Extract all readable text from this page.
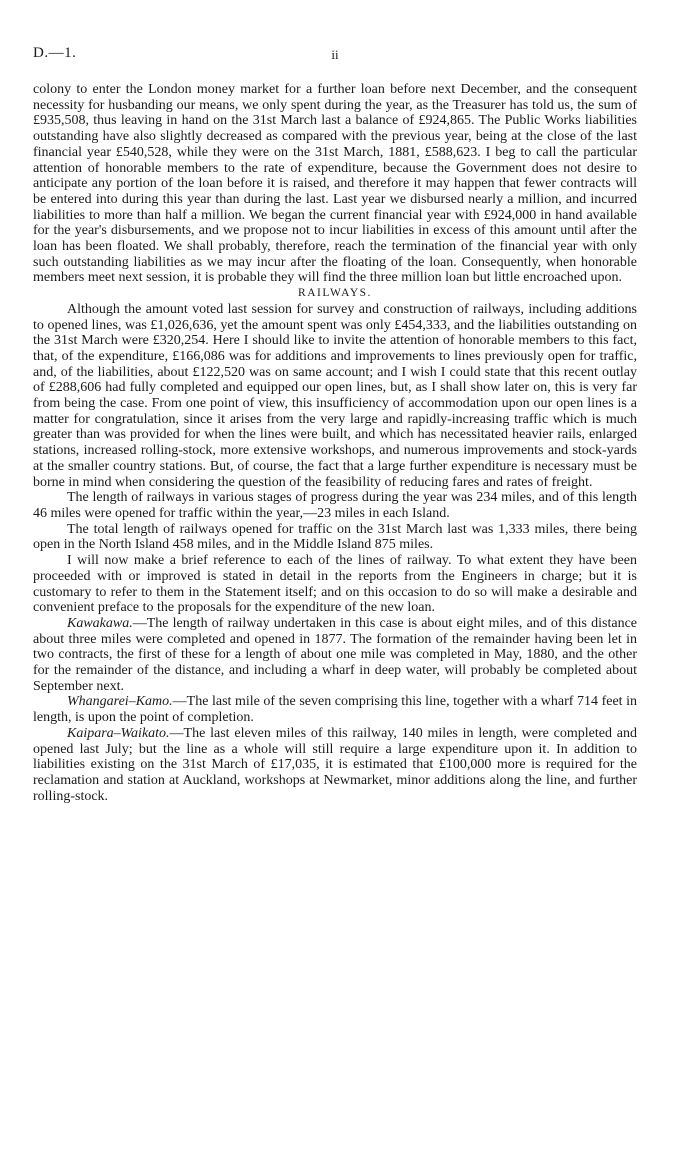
D.—1.	ii

colony to enter the London money market for a further loan before next December, and the consequent necessity for husbanding our means, we only spent during the year, as the Treasurer has told us, the sum of £935,508, thus leaving in hand on the 31st March last a balance of £924,865. The Public Works liabilities outstanding have also slightly decreased as compared with the previous year, being at the close of the last financial year £540,528, while they were on the 31st March, 1881, £588,623. I beg to call the particular attention of honorable members to the rate of expenditure, because the Government does not desire to anticipate any portion of the loan before it is raised, and therefore it may happen that fewer contracts will be entered into during this year than during the last. Last year we disbursed nearly a million, and incurred liabilities to more than half a million. We began the current financial year with £924,000 in hand available for the year's disbursements, and we propose not to incur liabilities in excess of this amount until after the loan has been floated. We shall probably, therefore, reach the termination of the financial year with only such outstanding liabilities as we may incur after the floating of the loan. Consequently, when honorable members meet next session, it is probable they will find the three million loan but little encroached upon.

RAILWAYS.

Although the amount voted last session for survey and construction of railways, including additions to opened lines, was £1,026,636, yet the amount spent was only £454,333, and the liabilities outstanding on the 31st March were £320,254. Here I should like to invite the attention of honorable members to this fact, that, of the expenditure, £166,086 was for additions and improvements to lines previously open for traffic, and, of the liabilities, about £122,520 was on same account; and I wish I could state that this recent outlay of £288,606 had fully completed and equipped our open lines, but, as I shall show later on, this is very far from being the case. From one point of view, this insufficiency of accommodation upon our open lines is a matter for congratulation, since it arises from the very large and rapidly-increasing traffic which is much greater than was provided for when the lines were built, and which has necessitated heavier rails, enlarged stations, increased rolling-stock, more extensive workshops, and numerous improvements and stock-yards at the smaller country stations. But, of course, the fact that a large further expenditure is necessary must be borne in mind when considering the question of the feasibility of reducing fares and rates of freight.

The length of railways in various stages of progress during the year was 234 miles, and of this length 46 miles were opened for traffic within the year,—23 miles in each Island.

The total length of railways opened for traffic on the 31st March last was 1,333 miles, there being open in the North Island 458 miles, and in the Middle Island 875 miles.

I will now make a brief reference to each of the lines of railway. To what extent they have been proceeded with or improved is stated in detail in the reports from the Engineers in charge; but it is customary to refer to them in the Statement itself; and on this occasion to do so will make a desirable and convenient preface to the proposals for the expenditure of the new loan.

Kawakawa.—The length of railway undertaken in this case is about eight miles, and of this distance about three miles were completed and opened in 1877. The formation of the remainder having been let in two contracts, the first of these for a length of about one mile was completed in May, 1880, and the other for the remainder of the distance, and including a wharf in deep water, will probably be completed about September next.

Whangarei–Kamo.—The last mile of the seven comprising this line, together with a wharf 714 feet in length, is upon the point of completion.

Kaipara–Waikato.—The last eleven miles of this railway, 140 miles in length, were completed and opened last July; but the line as a whole will still require a large expenditure upon it. In addition to liabilities existing on the 31st March of £17,035, it is estimated that £100,000 more is required for the reclamation and station at Auckland, workshops at Newmarket, minor additions along the line, and further rolling-stock.
